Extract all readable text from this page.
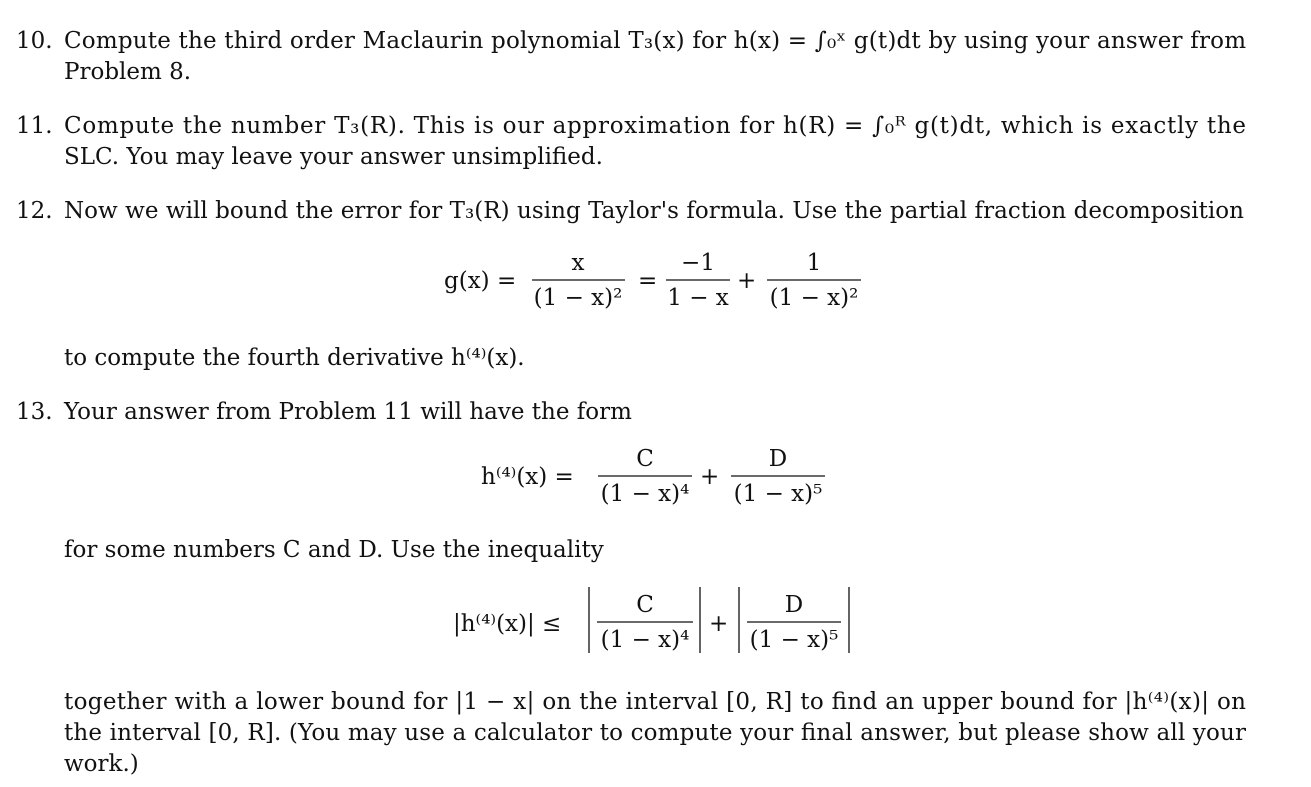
10. Compute the third order Maclaurin polynomial T₃(x) for h(x) = ∫₀ˣ g(t)dt by using your answer from
Problem 8.
11. Compute the number T₃(R). This is our approximation for h(R) = ∫₀ᴿ g(t)dt, which is exactly the
SLC. You may leave your answer unsimplified.
12. Now we will bound the error for T₃(R) using Taylor's formula. Use the partial fraction decomposition
g(x) =
x
(1 − x)²
=
−1
1 − x
+
1
(1 − x)²
to compute the fourth derivative h⁽⁴⁾(x).
13. Your answer from Problem 11 will have the form
h⁽⁴⁾(x) =
C
(1 − x)⁴
+
D
(1 − x)⁵
for some numbers C and D. Use the inequality
|h⁽⁴⁾(x)| ≤
C
(1 − x)⁴
+
D
(1 − x)⁵
together with a lower bound for |1 − x| on the interval [0, R] to find an upper bound for |h⁽⁴⁾(x)| on
the interval [0, R]. (You may use a calculator to compute your final answer, but please show all your
work.)
